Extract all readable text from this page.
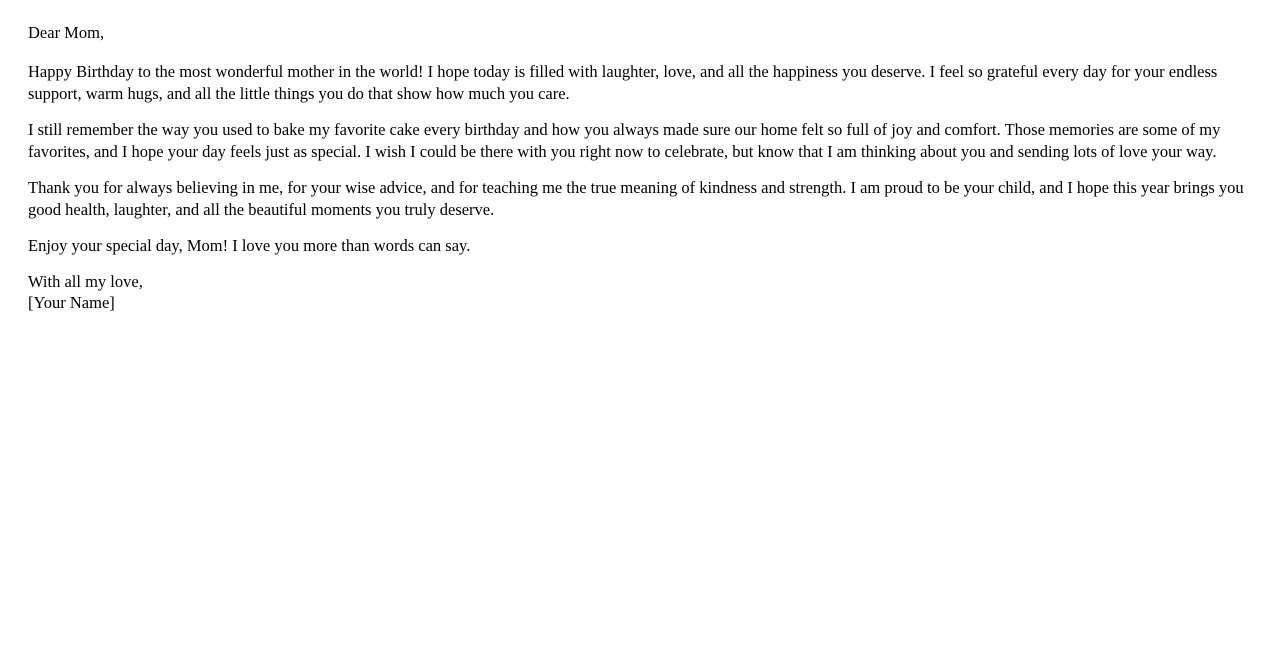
Dear Mom,

Happy Birthday to the most wonderful mother in the world! I hope today is filled with laughter, love, and all the happiness you deserve. I feel so grateful every day for your endless support, warm hugs, and all the little things you do that show how much you care.

I still remember the way you used to bake my favorite cake every birthday and how you always made sure our home felt so full of joy and comfort. Those memories are some of my favorites, and I hope your day feels just as special. I wish I could be there with you right now to celebrate, but know that I am thinking about you and sending lots of love your way.

Thank you for always believing in me, for your wise advice, and for teaching me the true meaning of kindness and strength. I am proud to be your child, and I hope this year brings you good health, laughter, and all the beautiful moments you truly deserve.

Enjoy your special day, Mom! I love you more than words can say.

With all my love,
[Your Name]
